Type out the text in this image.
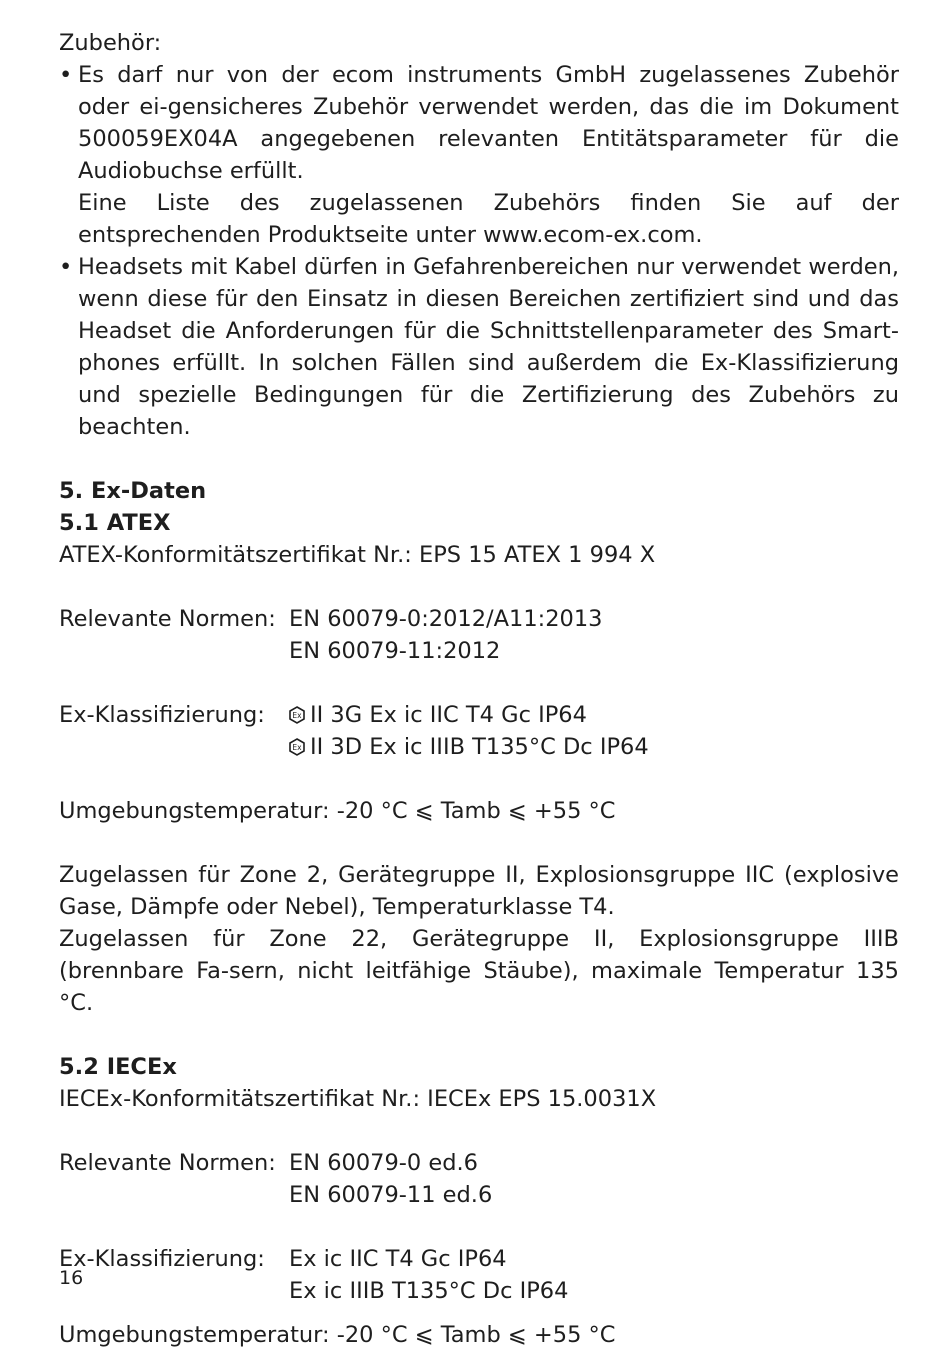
Zubehör:

• Es darf nur von der ecom instruments GmbH zugelassenes Zubehör oder ei-gensicheres Zubehör verwendet werden, das die im Dokument 500059EX04A angegebenen relevanten Entitätsparameter für die Audiobuchse erfüllt.
Eine Liste des zugelassenen Zubehörs finden Sie auf der entsprechenden Produktseite unter www.ecom-ex.com.
• Headsets mit Kabel dürfen in Gefahrenbereichen nur verwendet werden, wenn diese für den Einsatz in diesen Bereichen zertifiziert sind und das Headset die Anforderungen für die Schnittstellenparameter des Smart-phones erfüllt. In solchen Fällen sind außerdem die Ex-Klassifizierung und spezielle Bedingungen für die Zertifizierung des Zubehörs zu beachten.

5. Ex-Daten

5.1 ATEX

ATEX-Konformitätszertifikat Nr.: EPS 15 ATEX 1 994 X

Relevante Normen: EN 60079-0:2012/A11:2013
EN 60079-11:2012
Ex-Klassifizierung:	Ex II 3G Ex ic IIC T4 Gc IP64
Ex II 3D Ex ic IIIB T135°C Dc IP64

Umgebungstemperatur: -20 °C ⩽ Tamb ⩽ +55 °C

Zugelassen für Zone 2, Gerätegruppe II, Explosionsgruppe IIC (explosive Gase, Dämpfe oder Nebel), Temperaturklasse T4.

Zugelassen für Zone 22, Gerätegruppe II, Explosionsgruppe IIIB (brennbare Fa-sern, nicht leitfähige Stäube), maximale Temperatur 135 °C.

5.2 IECEx

IECEx-Konformitätszertifikat Nr.: IECEx EPS 15.0031X

Relevante Normen: EN 60079-0 ed.6
EN 60079-11 ed.6
Ex-Klassifizierung:	Ex ic IIC T4 Gc IP64
Ex ic IIIB T135°C Dc IP64

Umgebungstemperatur: -20 °C ⩽ Tamb ⩽ +55 °C

16
